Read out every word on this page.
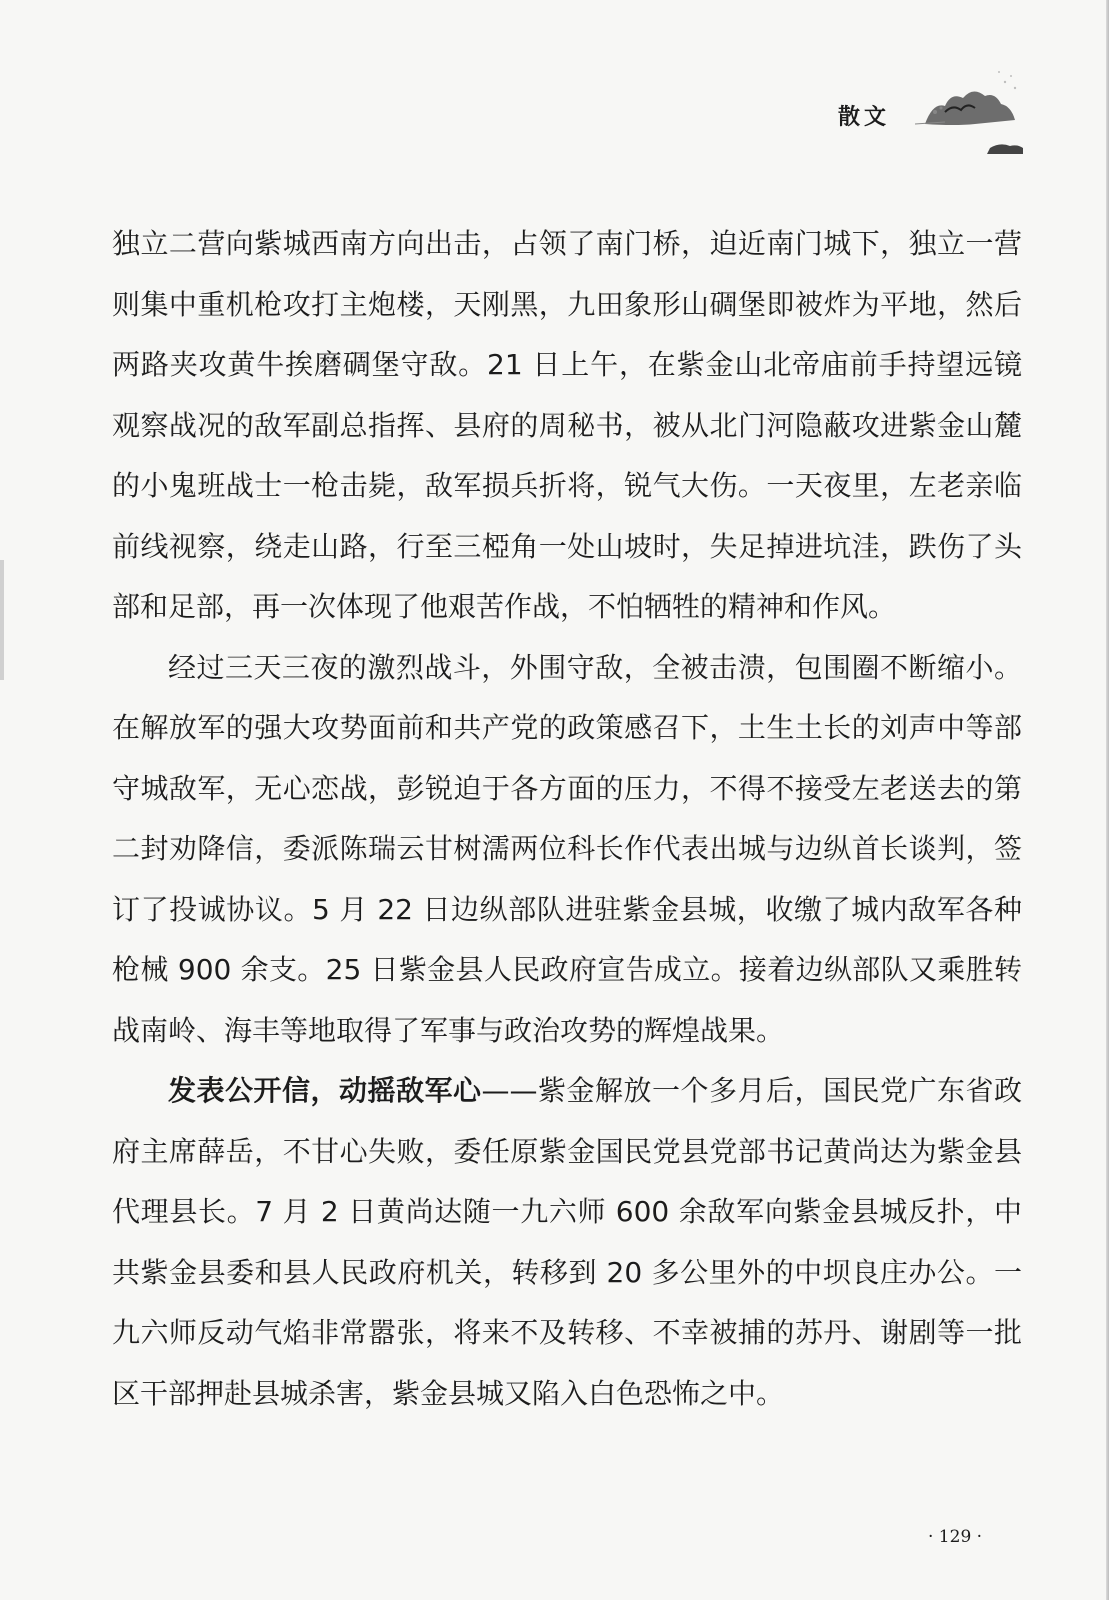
散文

独立二营向紫城西南方向出击，占领了南门桥，迫近南门城下，独立一营则集中重机枪攻打主炮楼，天刚黑，九田象形山碉堡即被炸为平地，然后两路夹攻黄牛挨磨碉堡守敌。21 日上午，在紫金山北帝庙前手持望远镜观察战况的敌军副总指挥、县府的周秘书，被从北门河隐蔽攻进紫金山麓的小鬼班战士一枪击毙，敌军损兵折将，锐气大伤。一天夜里，左老亲临前线视察，绕走山路，行至三椏角一处山坡时，失足掉进坑洼，跌伤了头部和足部，再一次体现了他艰苦作战，不怕牺牲的精神和作风。

经过三天三夜的激烈战斗，外围守敌，全被击溃，包围圈不断缩小。在解放军的强大攻势面前和共产党的政策感召下，土生土长的刘声中等部守城敌军，无心恋战，彭锐迫于各方面的压力，不得不接受左老送去的第二封劝降信，委派陈瑞云甘树濡两位科长作代表出城与边纵首长谈判，签订了投诚协议。5 月 22 日边纵部队进驻紫金县城，收缴了城内敌军各种枪械 900 余支。25 日紫金县人民政府宣告成立。接着边纵部队又乘胜转战南岭、海丰等地取得了军事与政治攻势的辉煌战果。

发表公开信，动摇敌军心——紫金解放一个多月后，国民党广东省政府主席薛岳，不甘心失败，委任原紫金国民党县党部书记黄尚达为紫金县代理县长。7 月 2 日黄尚达随一九六师 600 余敌军向紫金县城反扑，中共紫金县委和县人民政府机关，转移到 20 多公里外的中坝良庄办公。一九六师反动气焰非常嚣张，将来不及转移、不幸被捕的苏丹、谢剧等一批区干部押赴县城杀害，紫金县城又陷入白色恐怖之中。

· 129 ·
